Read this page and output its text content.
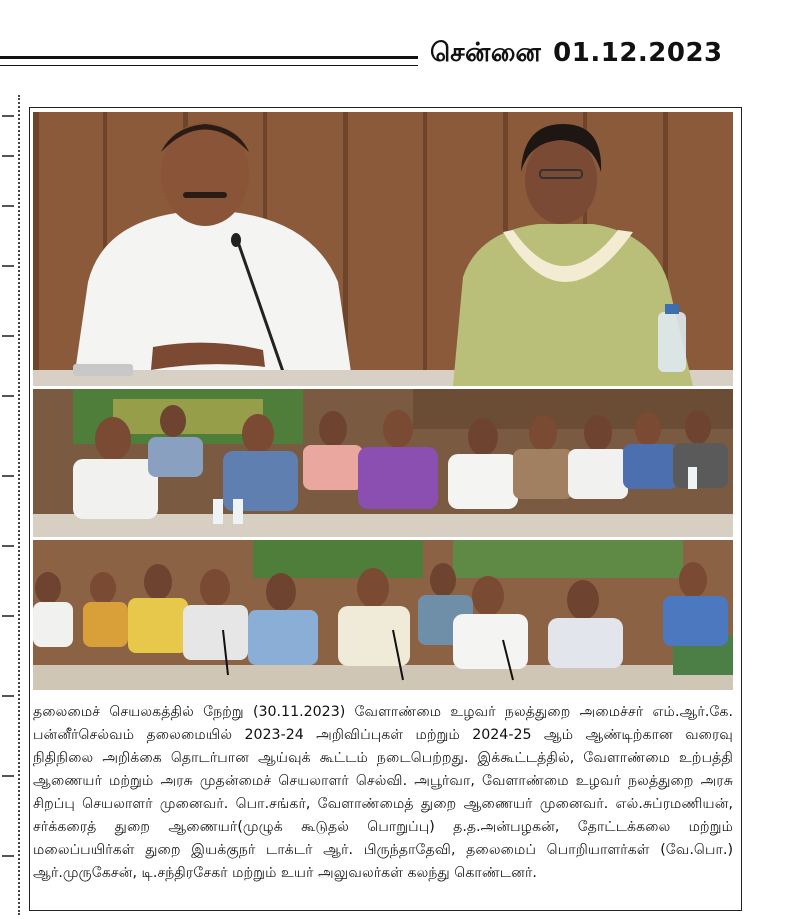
சென்னை 01.12.2023

தலைமைச் செயலகத்தில் நேற்று (30.11.2023) வேளாண்மை உழவர் நலத்துறை அமைச்சர் எம்.ஆர்.கே. பன்னீர்செல்வம் தலைமையில் 2023-24 அறிவிப்புகள் மற்றும் 2024-25 ஆம் ஆண்டிற்கான வரைவு நிதிநிலை அறிக்கை தொடர்பான ஆய்வுக் கூட்டம் நடைபெற்றது. இக்கூட்டத்தில், வேளாண்மை உற்பத்தி ஆணையர் மற்றும் அரசு முதன்மைச் செயலாளர் செல்வி. அபூர்வா, வேளாண்மை உழவர் நலத்துறை அரசு சிறப்பு செயலாளர் முனைவர். பொ.சங்கர், வேளாண்மைத் துறை ஆணையர் முனைவர். எல்.சுப்ரமணியன், சர்க்கரைத் துறை ஆணையர்(முழுக் கூடுதல் பொறுப்பு) த.த.அன்பழகன், தோட்டக்கலை மற்றும் மலைப்பயிர்கள் துறை இயக்குநர் டாக்டர் ஆர். பிருந்தாதேவி, தலைமைப் பொறியாளர்கள் (வே.பொ.) ஆர்.முருகேசன், டி.சந்திரசேகர் மற்றும் உயர் அலுவலர்கள் கலந்து கொண்டனர்.
